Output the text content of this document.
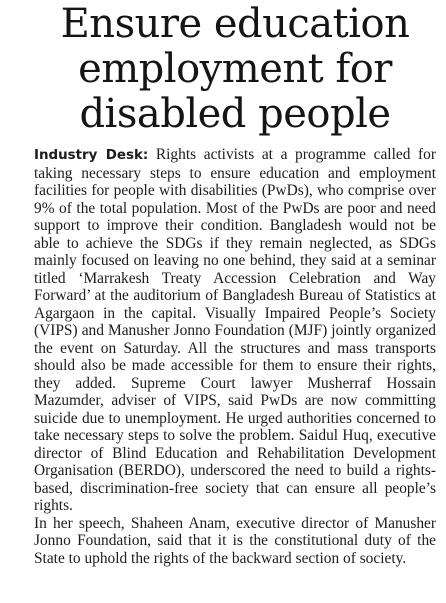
Ensure education
employment for
disabled people

Industry Desk: Rights activists at a programme called for taking necessary steps to ensure education and employment facilities for people with disabilities (PwDs), who comprise over 9% of the total population. Most of the PwDs are poor and need support to improve their condition. Bangladesh would not be able to achieve the SDGs if they remain neglected, as SDGs mainly focused on leaving no one behind, they said at a seminar titled ‘Marrakesh Treaty Accession Celebration and Way Forward’ at the auditorium of Bangladesh Bureau of Statistics at Agargaon in the capital. Visually Impaired People’s Society (VIPS) and Manusher Jonno Foundation (MJF) jointly organized the event on Saturday. All the structures and mass transports should also be made accessible for them to ensure their rights, they added. Supreme Court lawyer Musherraf Hossain Mazumder, adviser of VIPS, said PwDs are now committing suicide due to unemployment. He urged authorities concerned to take necessary steps to solve the problem. Saidul Huq, executive director of Blind Education and Rehabilitation Development Organisation (BERDO), underscored the need to build a rights-based, discrimination-free society that can ensure all people’s rights.

In her speech, Shaheen Anam, executive director of Manusher Jonno Foundation, said that it is the constitutional duty of the State to uphold the rights of the backward section of society.
